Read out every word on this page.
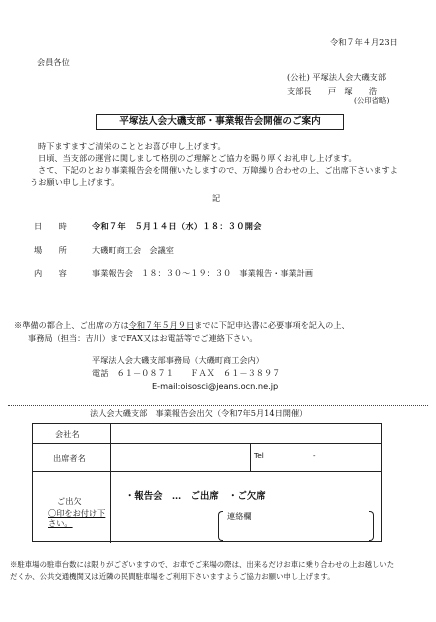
令和７年４月23日
会員各位
(公社) 平塚法人会大磯支部
支部長　　戸　塚　　浩
(公印省略)
平塚法人会大磯支部・事業報告会開催のご案内
時下ますますご清栄のこととお喜び申し上げます。
日頃、当支部の運営に関しまして格別のご理解とご協力を賜り厚くお礼申し上げます。
さて、下記のとおり事業報告会を開催いたしますので、万障繰り合わせの上、ご出席下さいますよ
うお願い申し上げます。
記
日　　時	令和７年　５月１４日（水）１８：３０開会
場　　所	大磯町商工会　会議室
内　　容	事業報告会　１８：３０～１９：３０　事業報告・事業計画
※準備の都合上、ご出席の方は令和７年５月９日までに下記申込書に必要事項を記入の上、
事務局（担当：吉川）までFAX又はお電話等でご連絡下さい。
平塚法人会大磯支部事務局（大磯町商工会内）
電話　６１－０８７１　　ＦＡＸ　６１－３８９７
E-mail:oisosci@jeans.ocn.ne.jp
法人会大磯支部　事業報告会出欠（令和7年5月14日開催）
会社名
出席者名	Tel	-
ご出欠
〇印をお付け下さい。
・報告会　…　ご出席　・ご欠席
連絡欄
※駐車場の駐車台数には限りがございますので、お車でご来場の際は、出来るだけお車に乗り合わせの上お越しいた
だくか、公共交通機関又は近隣の民間駐車場をご利用下さいますようご協力お願い申し上げます。
